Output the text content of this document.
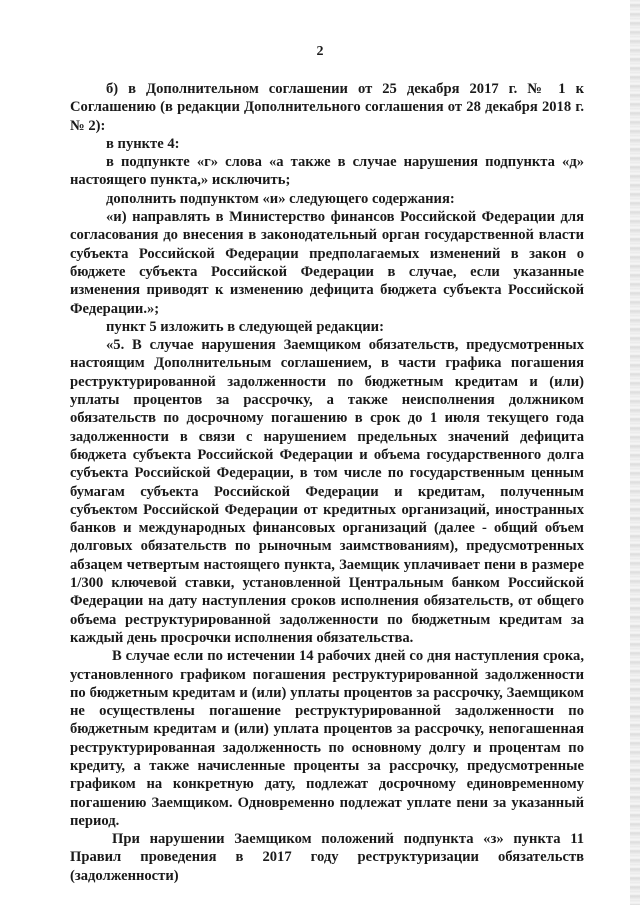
2

б) в Дополнительном соглашении от 25 декабря 2017 г. № 1 к Соглашению (в редакции Дополнительного соглашения от 28 декабря 2018 г. № 2):

в пункте 4:

в подпункте «г» слова «а также в случае нарушения подпункта «д» настоящего пункта,» исключить;

дополнить подпунктом «и» следующего содержания:

«и) направлять в Министерство финансов Российской Федерации для согласования до внесения в законодательный орган государственной власти субъекта Российской Федерации предполагаемых изменений в закон о бюджете субъекта Российской Федерации в случае, если указанные изменения приводят к изменению дефицита бюджета субъекта Российской Федерации.»;

пункт 5 изложить в следующей редакции:

«5. В случае нарушения Заемщиком обязательств, предусмотренных настоящим Дополнительным соглашением, в части графика погашения реструктурированной задолженности по бюджетным кредитам и (или) уплаты процентов за рассрочку, а также неисполнения должником обязательств по досрочному погашению в срок до 1 июля текущего года задолженности в связи с нарушением предельных значений дефицита бюджета субъекта Российской Федерации и объема государственного долга субъекта Российской Федерации, в том числе по государственным ценным бумагам субъекта Российской Федерации и кредитам, полученным субъектом Российской Федерации от кредитных организаций, иностранных банков и международных финансовых организаций (далее - общий объем долговых обязательств по рыночным заимствованиям), предусмотренных абзацем четвертым настоящего пункта, Заемщик уплачивает пени в размере 1/300 ключевой ставки, установленной Центральным банком Российской Федерации на дату наступления сроков исполнения обязательств, от общего объема реструктурированной задолженности по бюджетным кредитам за каждый день просрочки исполнения обязательства.

В случае если по истечении 14 рабочих дней со дня наступления срока, установленного графиком погашения реструктурированной задолженности по бюджетным кредитам и (или) уплаты процентов за рассрочку, Заемщиком не осуществлены погашение реструктурированной задолженности по бюджетным кредитам и (или) уплата процентов за рассрочку, непогашенная реструктурированная задолженность по основному долгу и процентам по кредиту, а также начисленные проценты за рассрочку, предусмотренные графиком на конкретную дату, подлежат досрочному единовременному погашению Заемщиком. Одновременно подлежат уплате пени за указанный период.

При нарушении Заемщиком положений подпункта «з» пункта 11 Правил проведения в 2017 году реструктуризации обязательств (задолженности)
